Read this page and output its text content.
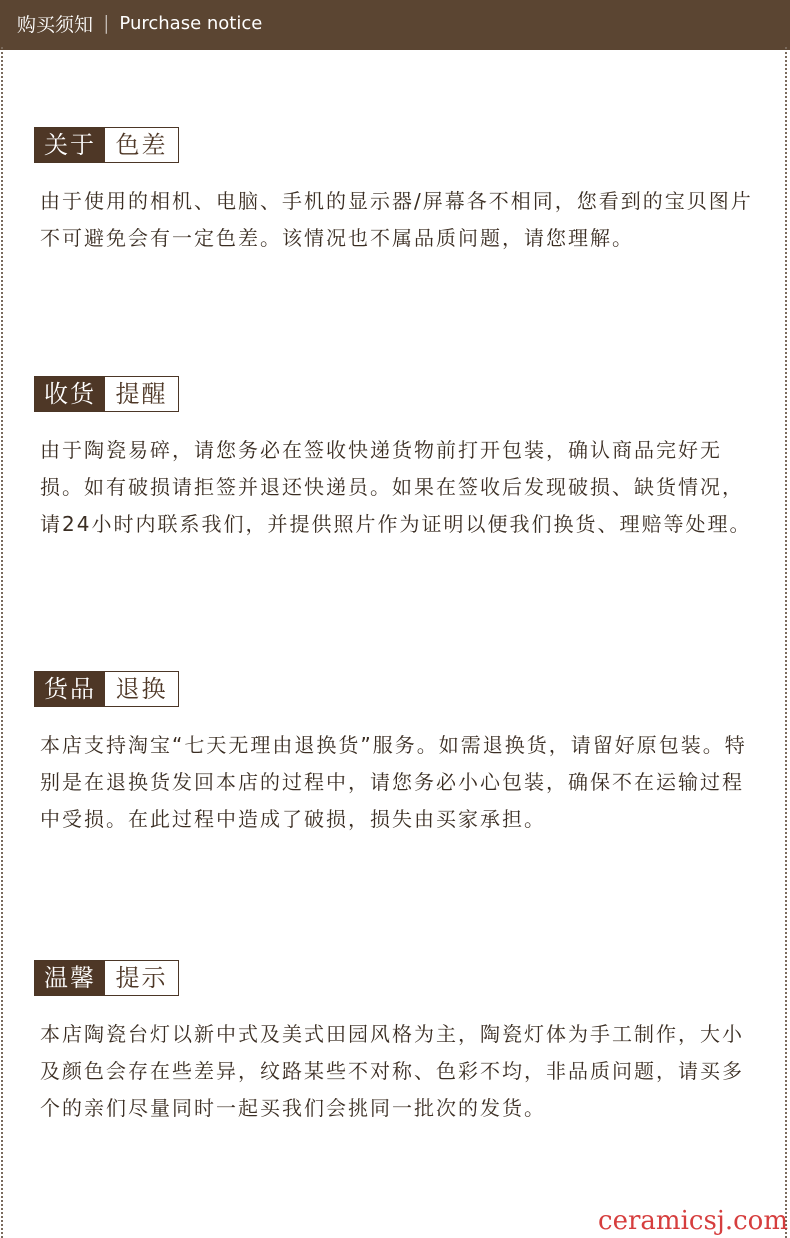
购买须知 | Purchase notice
关于 色差
由于使用的相机、电脑、手机的显示器/屏幕各不相同，您看到的宝贝图片不可避免会有一定色差。该情况也不属品质问题，请您理解。
收货 提醒
由于陶瓷易碎，请您务必在签收快递货物前打开包装，确认商品完好无损。如有破损请拒签并退还快递员。如果在签收后发现破损、缺货情况，请24小时内联系我们，并提供照片作为证明以便我们换货、理赔等处理。
货品 退换
本店支持淘宝“七天无理由退换货”服务。如需退换货，请留好原包装。特别是在退换货发回本店的过程中，请您务必小心包装，确保不在运输过程中受损。在此过程中造成了破损，损失由买家承担。
温馨 提示
本店陶瓷台灯以新中式及美式田园风格为主，陶瓷灯体为手工制作，大小及颜色会存在些差异，纹路某些不对称、色彩不均，非品质问题，请买多个的亲们尽量同时一起买我们会挑同一批次的发货。
ceramicsj.com
